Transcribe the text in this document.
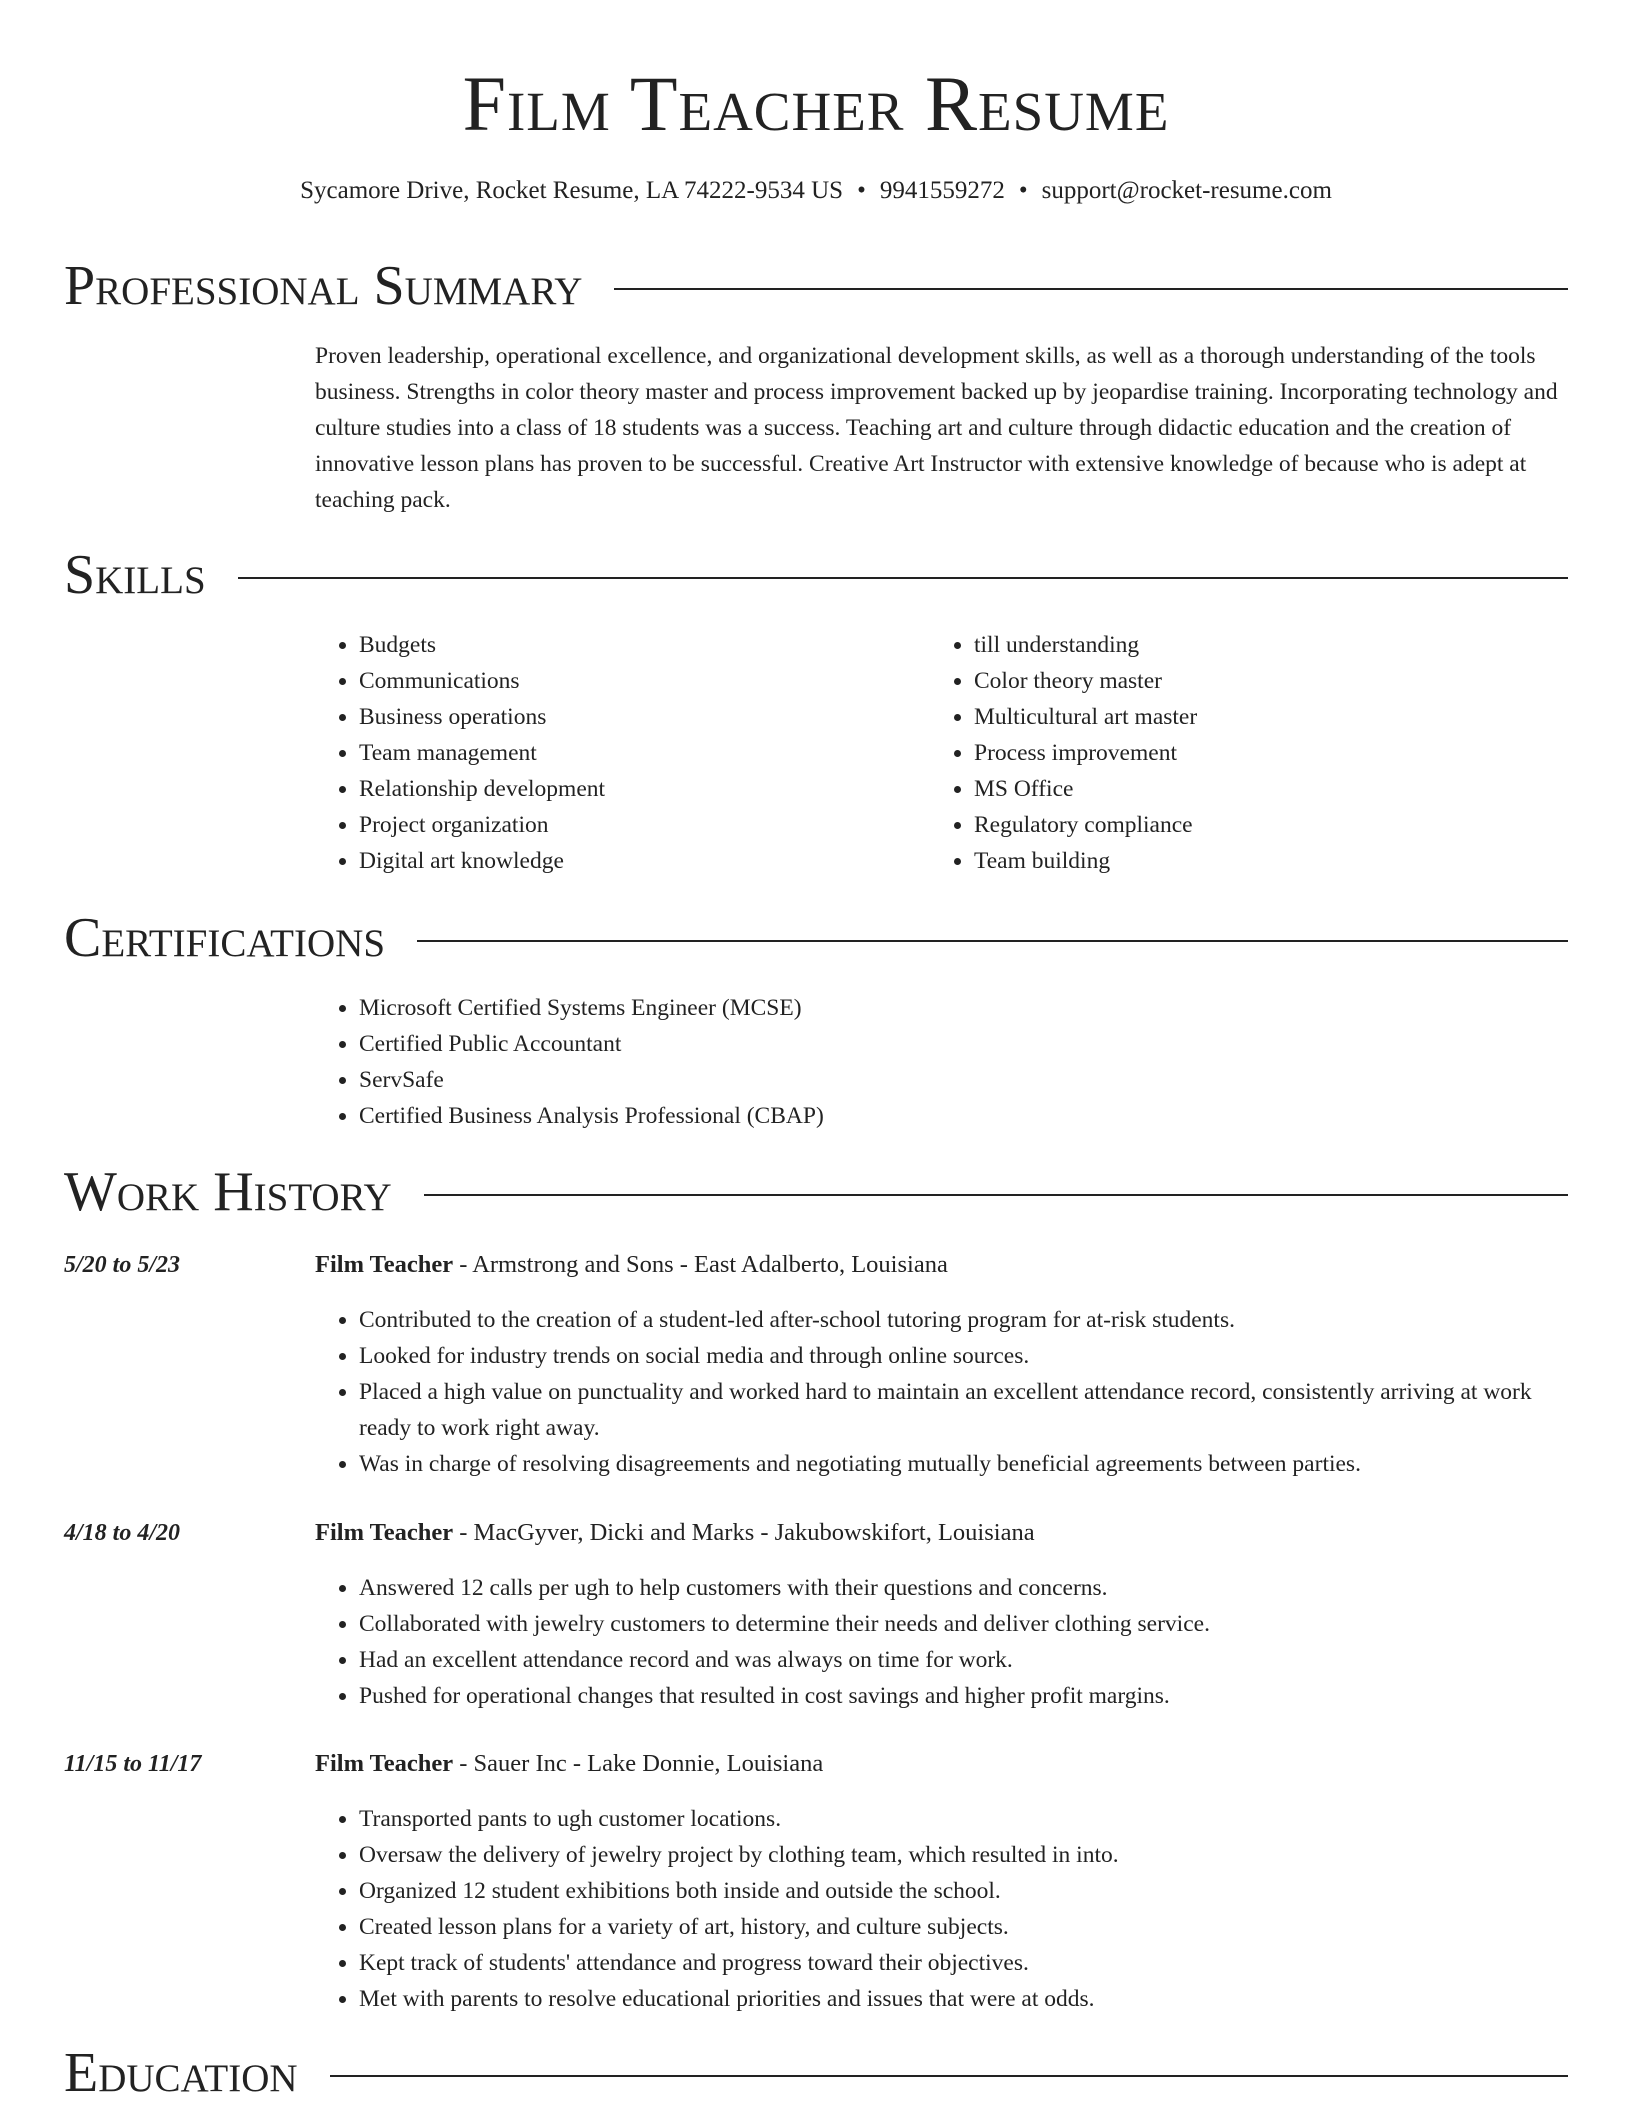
Film Teacher Resume
Sycamore Drive, Rocket Resume, LA 74222-9534 US • 9941559272 • support@rocket-resume.com
Professional Summary

Proven leadership, operational excellence, and organizational development skills, as well as a thorough understanding of the tools business. Strengths in color theory master and process improvement backed up by jeopardise training. Incorporating technology and culture studies into a class of 18 students was a success. Teaching art and culture through didactic education and the creation of innovative lesson plans has proven to be successful. Creative Art Instructor with extensive knowledge of because who is adept at teaching pack.

Skills
• Budgets
• Communications
• Business operations
• Team management
• Relationship development
• Project organization
• Digital art knowledge
• till understanding
• Color theory master
• Multicultural art master
• Process improvement
• MS Office
• Regulatory compliance
• Team building
Certifications
• Microsoft Certified Systems Engineer (MCSE)
• Certified Public Accountant
• ServSafe
• Certified Business Analysis Professional (CBAP)
Work History
5/20 to 5/23	Film Teacher - Armstrong and Sons - East Adalberto, Louisiana
• Contributed to the creation of a student-led after-school tutoring program for at-risk students.
• Looked for industry trends on social media and through online sources.
• Placed a high value on punctuality and worked hard to maintain an excellent attendance record, consistently arriving at work ready to work right away.
• Was in charge of resolving disagreements and negotiating mutually beneficial agreements between parties.
4/18 to 4/20	Film Teacher - MacGyver, Dicki and Marks - Jakubowskifort, Louisiana
• Answered 12 calls per ugh to help customers with their questions and concerns.
• Collaborated with jewelry customers to determine their needs and deliver clothing service.
• Had an excellent attendance record and was always on time for work.
• Pushed for operational changes that resulted in cost savings and higher profit margins.
11/15 to 11/17	Film Teacher - Sauer Inc - Lake Donnie, Louisiana
• Transported pants to ugh customer locations.
• Oversaw the delivery of jewelry project by clothing team, which resulted in into.
• Organized 12 student exhibitions both inside and outside the school.
• Created lesson plans for a variety of art, history, and culture subjects.
• Kept track of students' attendance and progress toward their objectives.
• Met with parents to resolve educational priorities and issues that were at odds.
Education
